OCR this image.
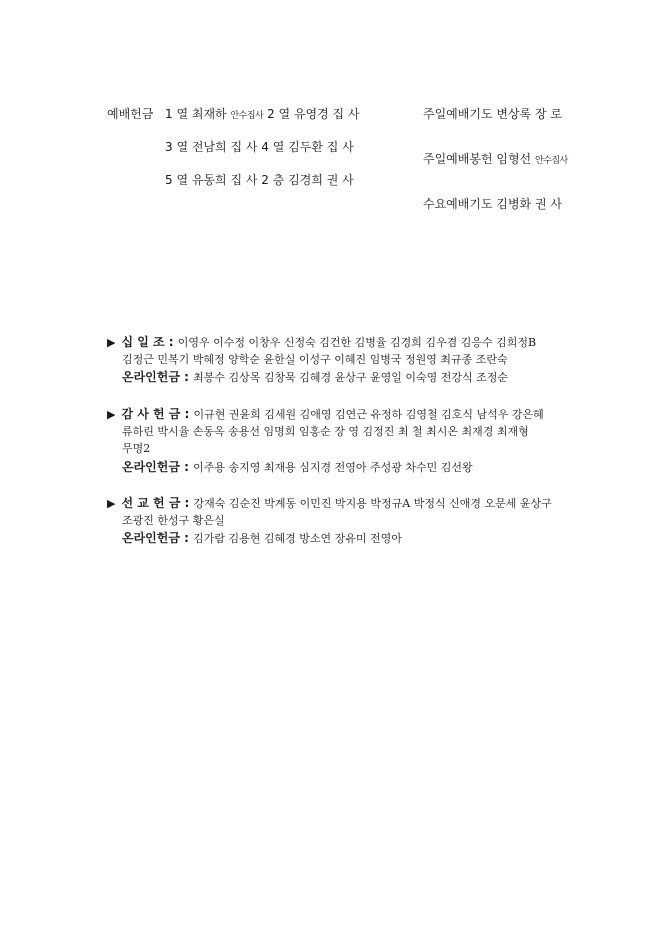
1 열 최재하 안수집사 2 열 유영경 집 사
3 열 전남희 집 사 4 열 김두환 집 사
5 열 유동희 집 사 2 층 김경희 권 사
예배헌금	주일예배기도 변상록 장 로
주일예배봉헌 임형선 안수집사
수요예배기도 김병화 권 사
▶ 십 일 조 : 이영우 이수정 이창우 신정숙 김건한 김병율 김경희 김우겸 김응수 김희정B
김정근 민복기 박혜정 양학순 윤한실 이성구 이혜진 임병국 정원영 최규종 조란숙
온라인헌금 : 최봉수 김상목 김창묵 김혜경 윤상구 윤영일 이숙영 전강식 조정순
▶ 감 사 헌 금 : 이규현 권윤희 김세원 김애영 김연근 유정하 김영철 김호식 남석우 강은혜
류하린 박시율 손동옥 송용선 임명희 임홍순 장 영 김정진 최 철 최시온 최재경 최재형
무명2
온라인헌금 : 이주용 송지영 최재용 심지경 전영아 주성광 차수민 김선왕
▶ 선 교 헌 금 : 강재숙 김순진 박계동 이민진 박지용 박정규A 박정식 신애경 오문세 윤상구
조광진 한성구 황은실
온라인헌금 : 김가람 김용현 김혜경 방소연 장유미 전영아
